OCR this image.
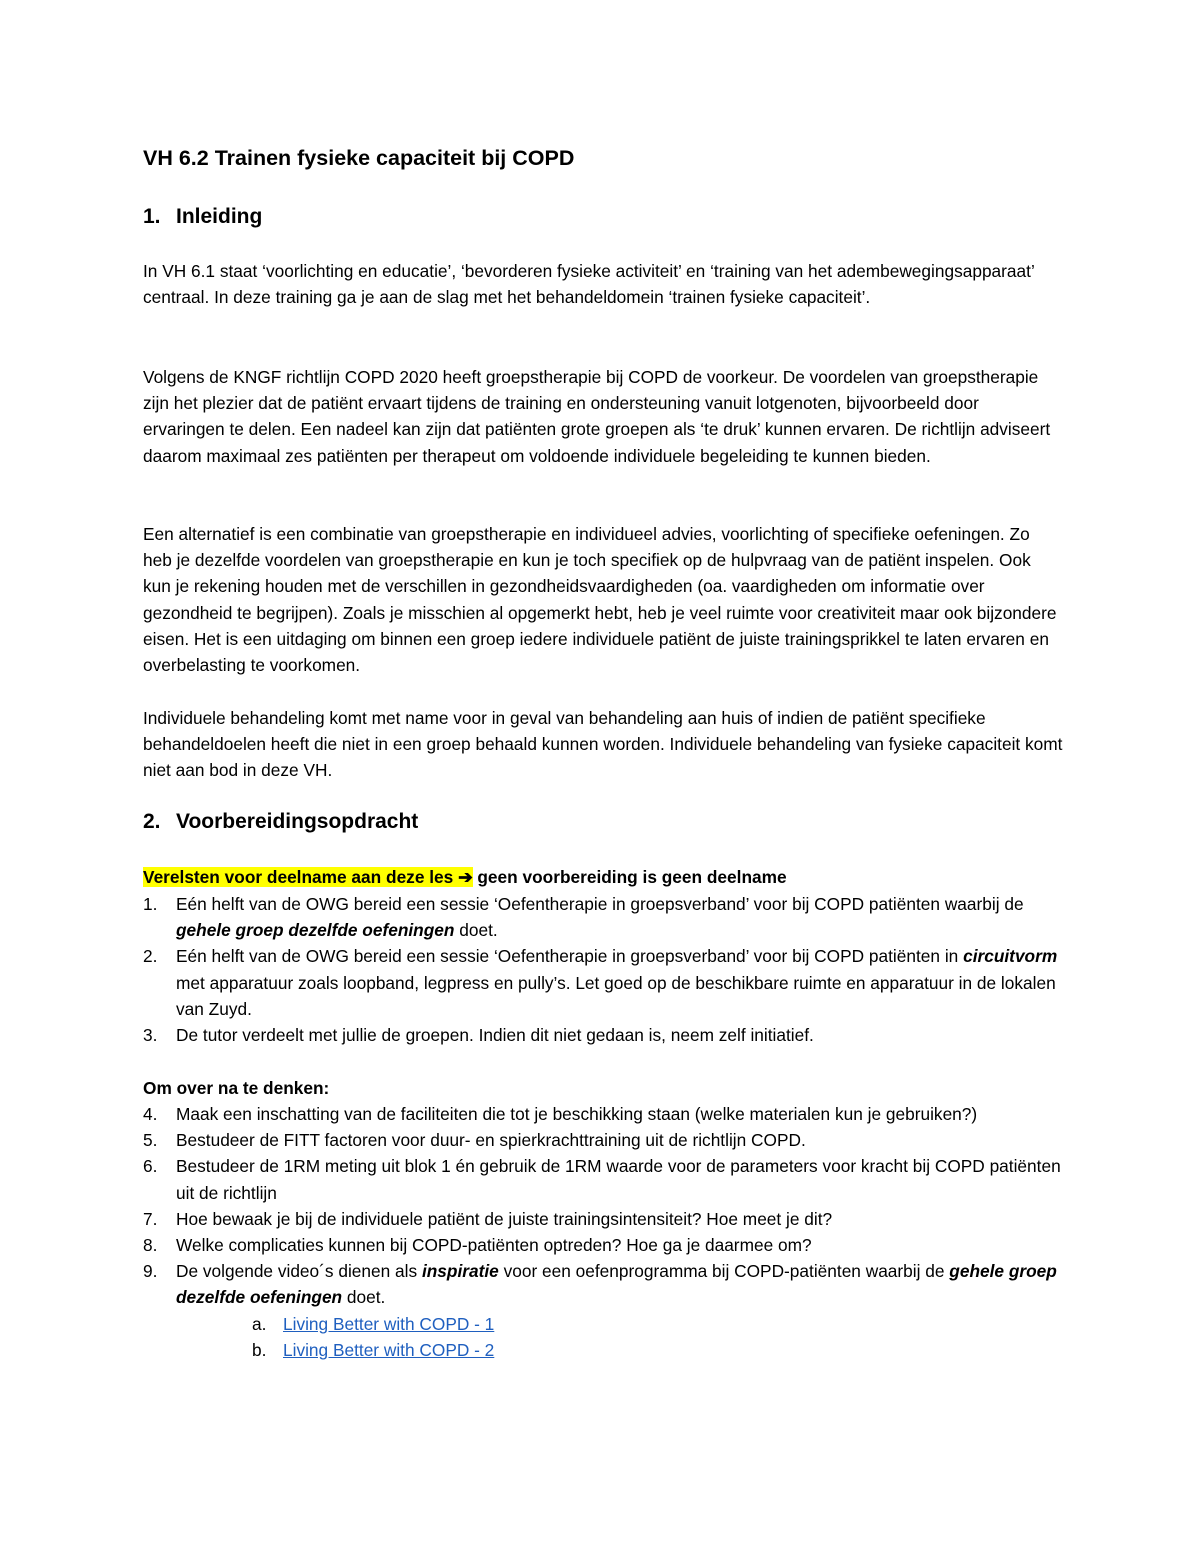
VH 6.2 Trainen fysieke capaciteit bij COPD
1. Inleiding
In VH 6.1 staat ‘voorlichting en educatie’, ‘bevorderen fysieke activiteit’ en ‘training van het adembewegingsapparaat’ centraal. In deze training ga je aan de slag met het behandeldomein ‘trainen fysieke capaciteit’.
Volgens de KNGF richtlijn COPD 2020 heeft groepstherapie bij COPD de voorkeur. De voordelen van groepstherapie zijn het plezier dat de patiënt ervaart tijdens de training en ondersteuning vanuit lotgenoten, bijvoorbeeld door ervaringen te delen. Een nadeel kan zijn dat patiënten grote groepen als ‘te druk’ kunnen ervaren. De richtlijn adviseert daarom maximaal zes patiënten per therapeut om voldoende individuele begeleiding te kunnen bieden.
Een alternatief is een combinatie van groepstherapie en individueel advies, voorlichting of specifieke oefeningen. Zo heb je dezelfde voordelen van groepstherapie en kun je toch specifiek op de hulpvraag van de patiënt inspelen. Ook kun je rekening houden met de verschillen in gezondheidsvaardigheden (oa. vaardigheden om informatie over gezondheid te begrijpen). Zoals je misschien al opgemerkt hebt, heb je veel ruimte voor creativiteit maar ook bijzondere eisen. Het is een uitdaging om binnen een groep iedere individuele patiënt de juiste trainingsprikkel te laten ervaren en overbelasting te voorkomen.
Individuele behandeling komt met name voor in geval van behandeling aan huis of indien de patiënt specifieke behandeldoelen heeft die niet in een groep behaald kunnen worden. Individuele behandeling van fysieke capaciteit komt niet aan bod in deze VH.
2. Voorbereidingsopdracht
Verelsten voor deelname aan deze les ➔ geen voorbereiding is geen deelname
1. Eén helft van de OWG bereid een sessie ‘Oefentherapie in groepsverband’ voor bij COPD patiënten waarbij de gehele groep dezelfde oefeningen doet.
2. Eén helft van de OWG bereid een sessie ‘Oefentherapie in groepsverband’ voor bij COPD patiënten in circuitvorm met apparatuur zoals loopband, legpress en pully’s. Let goed op de beschikbare ruimte en apparatuur in de lokalen van Zuyd.
3. De tutor verdeelt met jullie de groepen. Indien dit niet gedaan is, neem zelf initiatief.
Om over na te denken:
4. Maak een inschatting van de faciliteiten die tot je beschikking staan (welke materialen kun je gebruiken?)
5. Bestudeer de FITT factoren voor duur- en spierkrachttraining uit de richtlijn COPD.
6. Bestudeer de 1RM meting uit blok 1 én gebruik de 1RM waarde voor de parameters voor kracht bij COPD patiënten uit de richtlijn
7. Hoe bewaak je bij de individuele patiënt de juiste trainingsintensiteit? Hoe meet je dit?
8. Welke complicaties kunnen bij COPD-patiënten optreden? Hoe ga je daarmee om?
9. De volgende video´s dienen als inspiratie voor een oefenprogramma bij COPD-patiënten waarbij de gehele groep dezelfde oefeningen doet.
a. Living Better with COPD - 1
b. Living Better with COPD - 2
